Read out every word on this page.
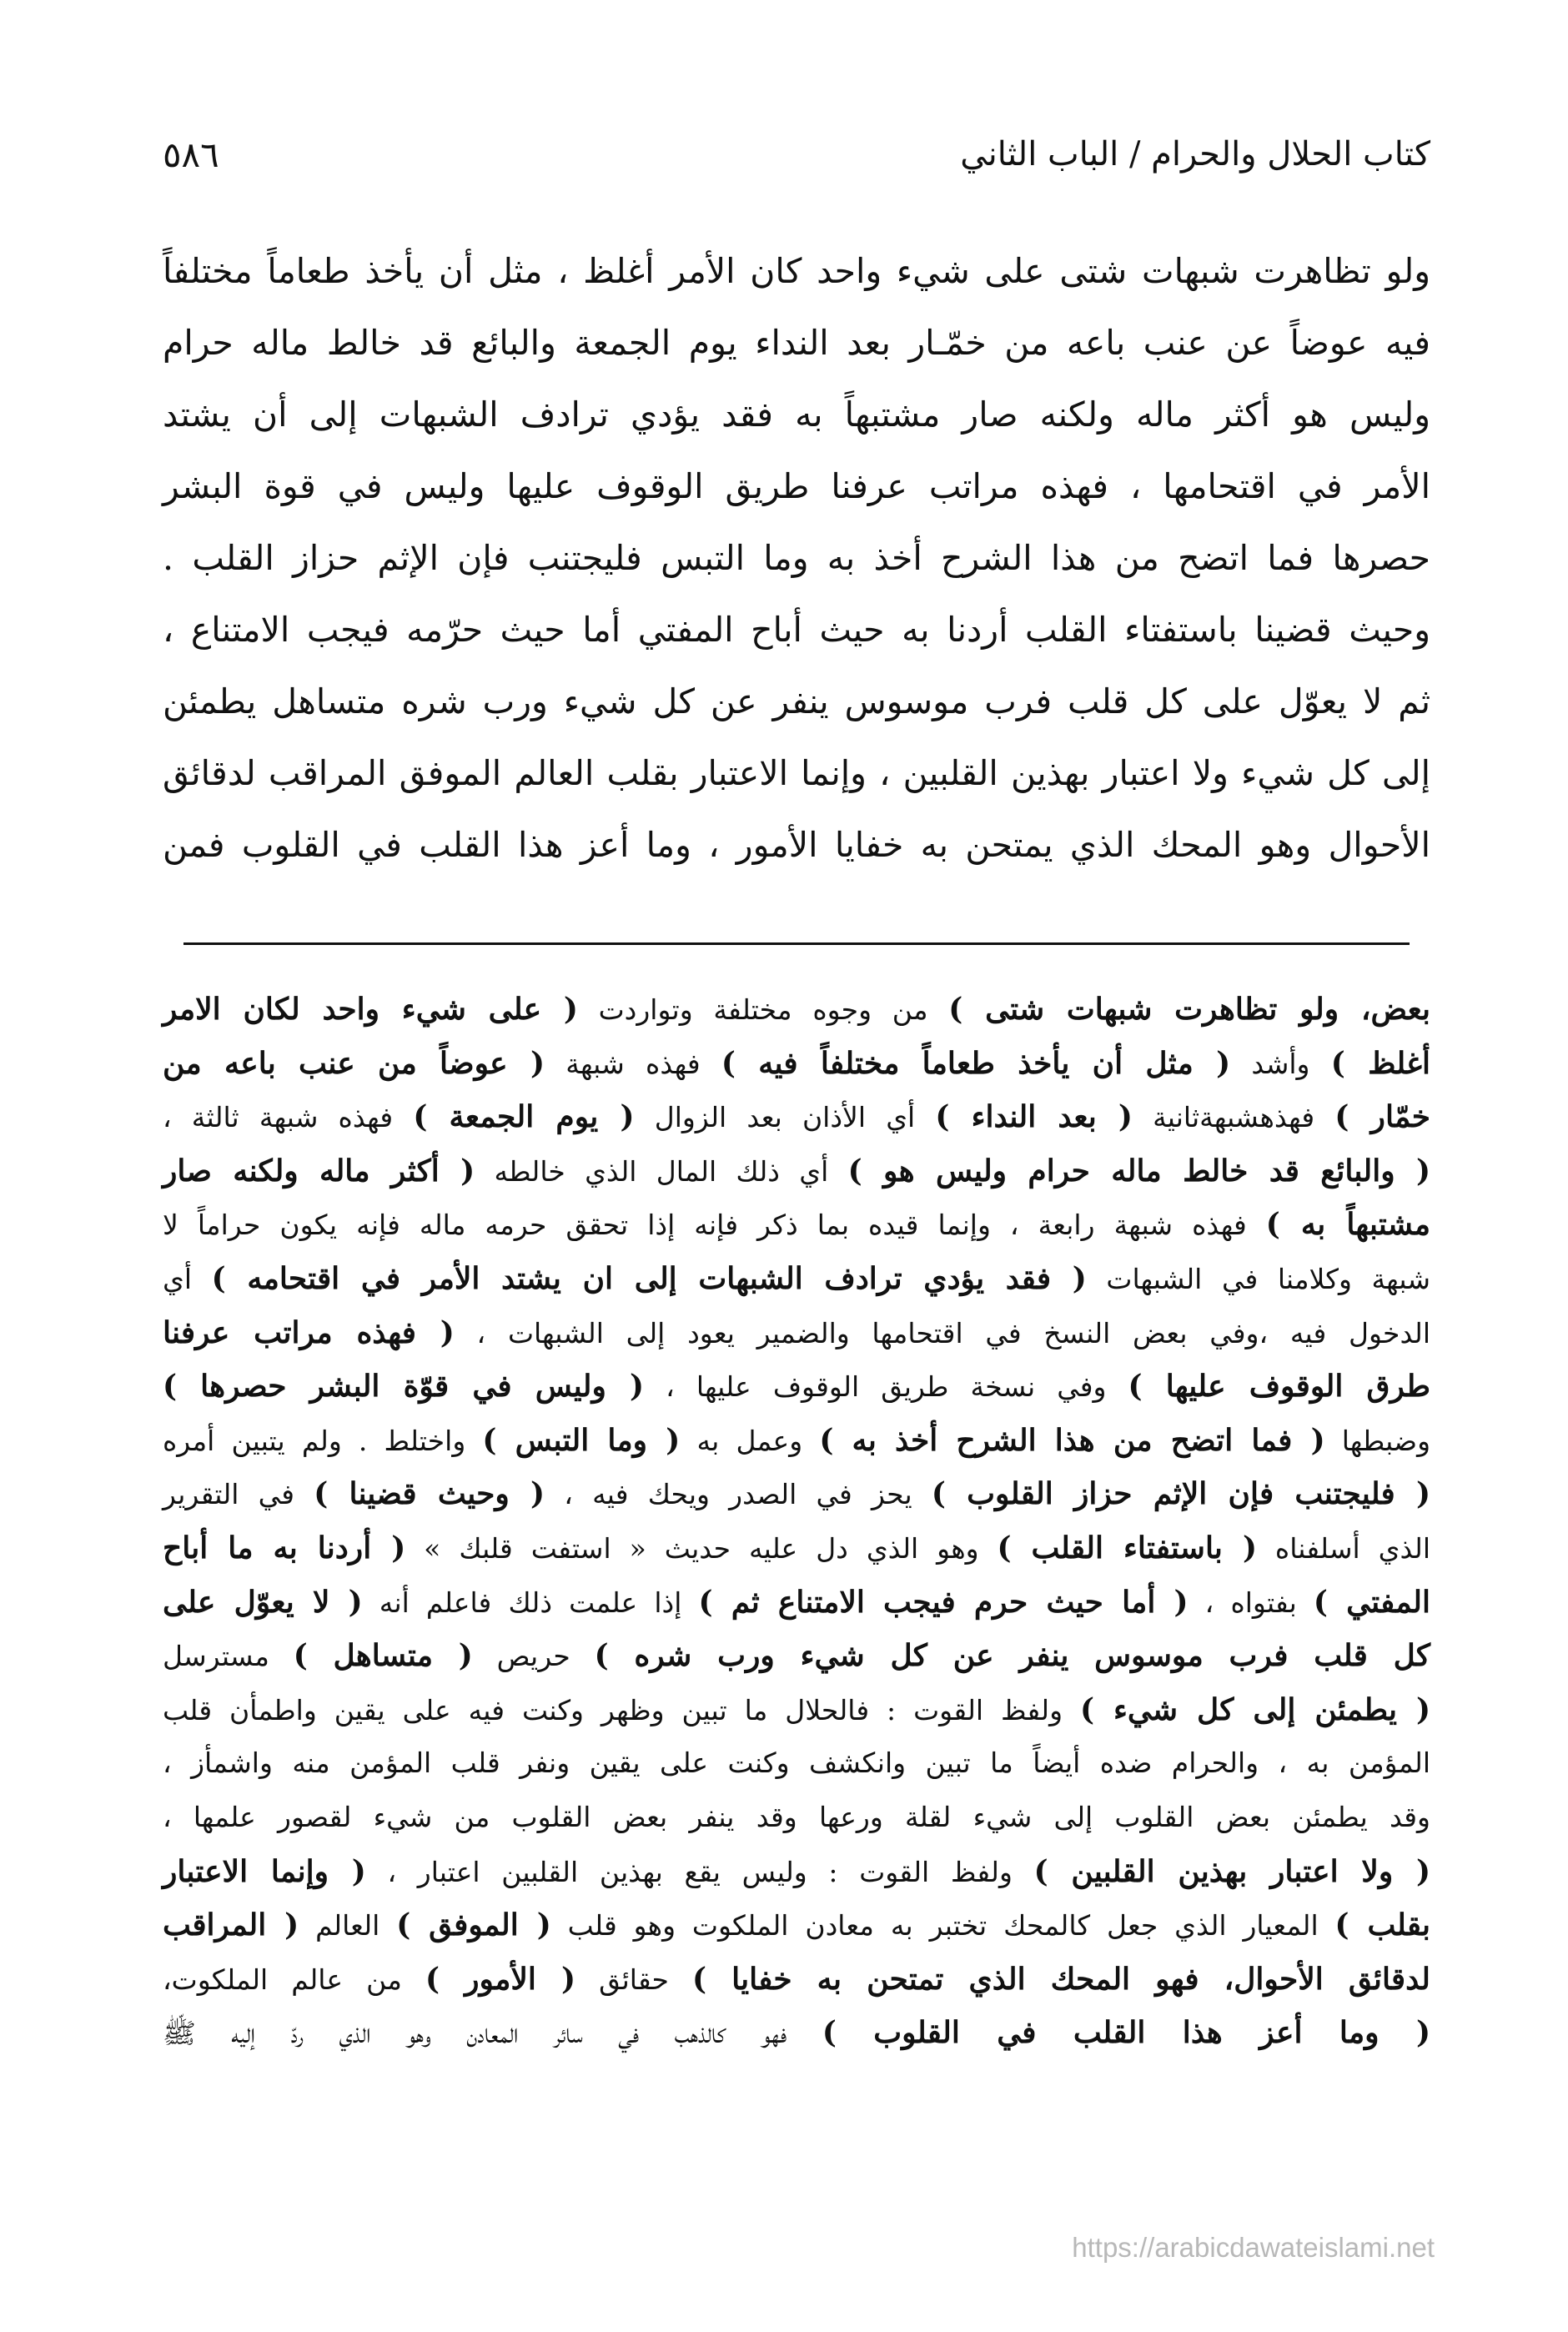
كتاب الحلال والحرام / الباب الثاني
٥٨٦
ولو تظاهرت شبهات شتى على شيء واحد كان الأمر أغلظ ، مثل أن يأخذ طعاماً مختلفاً
فيه عوضاً عن عنب باعه من خمّـار بعد النداء يوم الجمعة والبائع قد خالط ماله حرام
وليس هو أكثر ماله ولكنه صار مشتبهاً به فقد يؤدي ترادف الشبهات إلى أن يشتد
الأمر في اقتحامها ، فهذه مراتب عرفنا طريق الوقوف عليها وليس في قوة البشر
حصرها فما اتضح من هذا الشرح أخذ به وما التبس فليجتنب فإن الإثم حزاز القلب .
وحيث قضينا باستفتاء القلب أردنا به حيث أباح المفتي أما حيث حرّمه فيجب الامتناع ،
ثم لا يعوّل على كل قلب فرب موسوس ينفر عن كل شيء ورب شره متساهل يطمئن
إلى كل شيء ولا اعتبار بهذين القلبين ، وإنما الاعتبار بقلب العالم الموفق المراقب لدقائق
الأحوال وهو المحك الذي يمتحن به خفايا الأمور ، وما أعز هذا القلب في القلوب فمن
بعض، ولو تظاهرت شبهات شتى ) من وجوه مختلفة وتواردت ( على شيء واحد لكان الامر
أغلظ ) وأشد ( مثل أن يأخذ طعاماً مختلفاً فيه ) فهذه شبهة ( عوضاً من عنب باعه من
خمّار ) فهذهشبهةثانية ( بعد النداء ) أي الأذان بعد الزوال ( يوم الجمعة ) فهذه شبهة ثالثة ،
( والبائع قد خالط ماله حرام وليس هو ) أي ذلك المال الذي خالطه ( أكثر ماله ولكنه صار
مشتبهاً به ) فهذه شبهة رابعة ، وإنما قيده بما ذكر فإنه إذا تحقق حرمه ماله فإنه يكون حراماً لا
شبهة وكلامنا في الشبهات ( فقد يؤدي ترادف الشبهات إلى ان يشتد الأمر في اقتحامه ) أي
الدخول فيه ،وفي بعض النسخ في اقتحامها والضمير يعود إلى الشبهات ، ( فهذه مراتب عرفنا
طرق الوقوف عليها ) وفي نسخة طريق الوقوف عليها ، ( وليس في قوّة البشر حصرها )
وضبطها ( فما اتضح من هذا الشرح أخذ به ) وعمل به ( وما التبس ) واختلط . ولم يتبين أمره
( فليجتنب فإن الإثم حزاز القلوب ) يحز في الصدر ويحك فيه ، ( وحيث قضينا ) في التقرير
الذي أسلفناه ( باستفتاء القلب ) وهو الذي دل عليه حديث « استفت قلبك » ( أردنا به ما أباح
المفتي ) بفتواه ، ( أما حيث حرم فيجب الامتناع ثم ) إذا علمت ذلك فاعلم أنه ( لا يعوّل على
كل قلب فرب موسوس ينفر عن كل شيء ورب شره ) حريص ( متساهل ) مسترسل
( يطمئن إلى كل شيء ) ولفظ القوت : فالحلال ما تبين وظهر وكنت فيه على يقين واطمأن قلب
المؤمن به ، والحرام ضده أيضاً ما تبين وانكشف وكنت على يقين ونفر قلب المؤمن منه واشمأز ،
وقد يطمئن بعض القلوب إلى شيء لقلة ورعها وقد ينفر بعض القلوب من شيء لقصور علمها ،
( ولا اعتبار بهذين القلبين ) ولفظ القوت : وليس يقع بهذين القلبين اعتبار ، ( وإنما الاعتبار
بقلب ) المعيار الذي جعل كالمحك تختبر به معادن الملكوت وهو قلب ( الموفق ) العالم ( المراقب
لدقائق الأحوال، فهو المحك الذي تمتحن به خفايا ) حقائق ( الأمور ) من عالم الملكوت،
( وما أعز هذا القلب في القلوب ) فهو كالذهب في سائر المعادن وهو الذي ردّ إليه ﷺ
https://arabicdawateislami.net
